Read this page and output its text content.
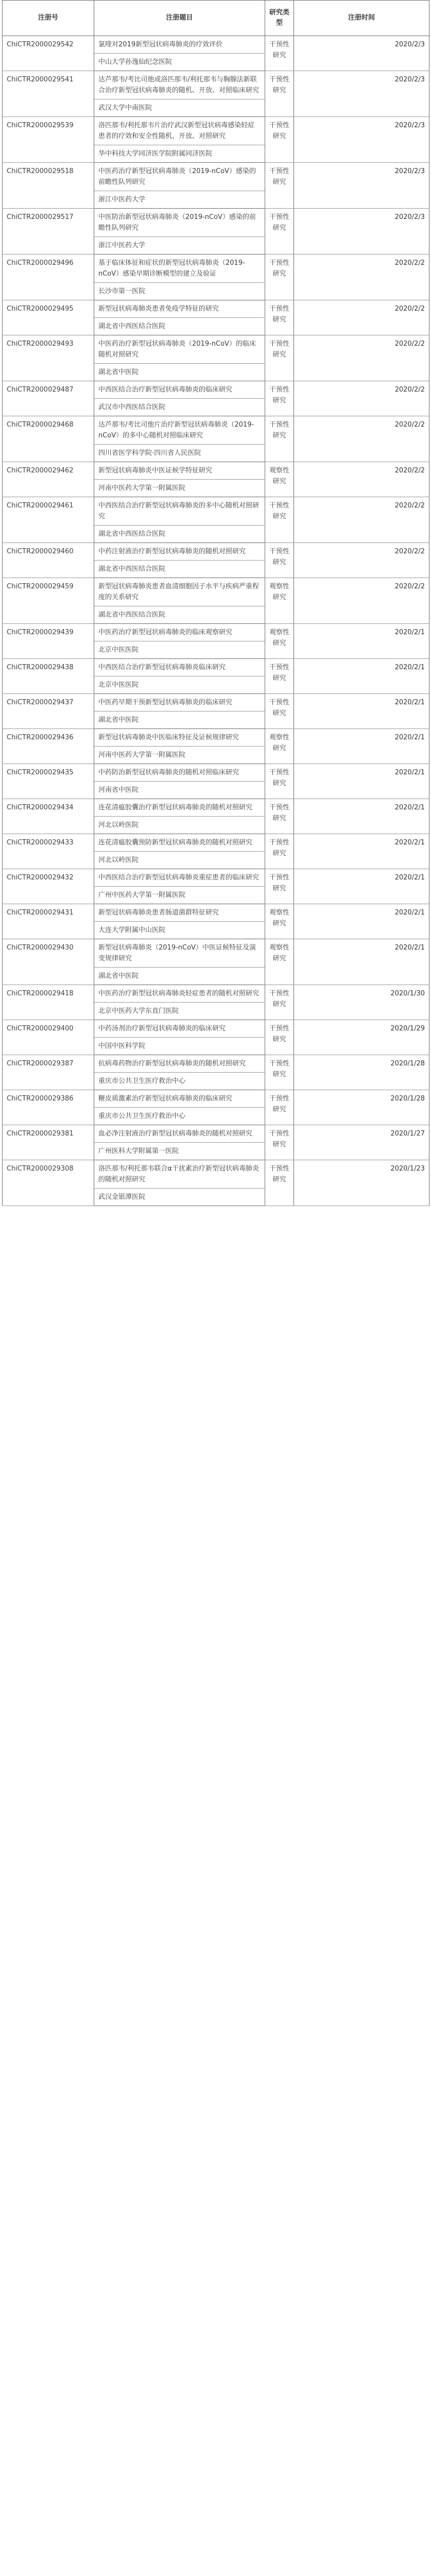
注册号	注册题目	研究类型	注册时间
ChiCTR2000029542	氯喹对2019新型冠状病毒肺炎的疗效评价	干预性研究	2020/2/3
	中山大学孙逸仙纪念医院		
ChiCTR2000029541	达芦那韦/考比司他或洛匹那韦/利托那韦与胸腺法新联合治疗新型冠状病毒肺炎的随机、开放、对照临床研究	干预性研究	2020/2/3
	武汉大学中南医院		
ChiCTR2000029539	洛匹那韦/利托那韦片治疗武汉新型冠状病毒感染轻症患者的疗效和安全性随机、开放、对照研究	干预性研究	2020/2/3
	华中科技大学同济医学院附属同济医院		
ChiCTR2000029518	中医药治疗新型冠状病毒肺炎（2019-nCoV）感染的前瞻性队列研究	干预性研究	2020/2/3
	浙江中医药大学		
ChiCTR2000029517	中医防治新型冠状病毒肺炎（2019-nCoV）感染的前瞻性队列研究	干预性研究	2020/2/3
	浙江中医药大学		
ChiCTR2000029496	基于临床体征和症状的新型冠状病毒肺炎（2019-nCoV）感染早期诊断模型的建立及验证	干预性研究	2020/2/2
	长沙市第一医院		
ChiCTR2000029495	新型冠状病毒肺炎患者免疫学特征的研究	干预性研究	2020/2/2
	湖北省中西医结合医院		
ChiCTR2000029493	中医药治疗新型冠状病毒肺炎（2019-nCoV）的临床随机对照研究	干预性研究	2020/2/2
	湖北省中医院		
ChiCTR2000029487	中西医结合治疗新型冠状病毒肺炎的临床研究	干预性研究	2020/2/2
	武汉市中西医结合医院		
ChiCTR2000029468	达芦那韦/考比司他片治疗新型冠状病毒肺炎（2019-nCoV）的多中心随机对照临床研究	干预性研究	2020/2/2
	四川省医学科学院·四川省人民医院		
ChiCTR2000029462	新型冠状病毒肺炎中医证候学特征研究	观察性研究	2020/2/2
	河南中医药大学第一附属医院		
ChiCTR2000029461	中西医结合治疗新型冠状病毒肺炎的多中心随机对照研究	干预性研究	2020/2/2
	湖北省中西医结合医院		
ChiCTR2000029460	中药注射液治疗新型冠状病毒肺炎的随机对照研究	干预性研究	2020/2/2
	湖北省中西医结合医院		
ChiCTR2000029459	新型冠状病毒肺炎患者血清细胞因子水平与疾病严重程度的关系研究	观察性研究	2020/2/2
	湖北省中西医结合医院		
ChiCTR2000029439	中医药治疗新型冠状病毒肺炎的临床观察研究	观察性研究	2020/2/1
	北京中医医院		
ChiCTR2000029438	中西医结合治疗新型冠状病毒肺炎临床研究	干预性研究	2020/2/1
	北京中医医院		
ChiCTR2000029437	中医药早期干预新型冠状病毒肺炎的临床研究	干预性研究	2020/2/1
	湖北省中医院		
ChiCTR2000029436	新型冠状病毒肺炎中医临床特征及证候规律研究	观察性研究	2020/2/1
	河南中医药大学第一附属医院		
ChiCTR2000029435	中药防治新型冠状病毒肺炎的随机对照临床研究	干预性研究	2020/2/1
	河南省中医院		
ChiCTR2000029434	连花清瘟胶囊治疗新型冠状病毒肺炎的随机对照研究	干预性研究	2020/2/1
	河北以岭医院		
ChiCTR2000029433	连花清瘟胶囊预防新型冠状病毒肺炎的随机对照研究	干预性研究	2020/2/1
	河北以岭医院		
ChiCTR2000029432	中西医结合治疗新型冠状病毒肺炎重症患者的临床研究	干预性研究	2020/2/1
	广州中医药大学第一附属医院		
ChiCTR2000029431	新型冠状病毒肺炎患者肠道菌群特征研究	观察性研究	2020/2/1
	大连大学附属中山医院		
ChiCTR2000029430	新型冠状病毒肺炎（2019-nCoV）中医证候特征及演变规律研究	观察性研究	2020/2/1
	湖北省中医院		
ChiCTR2000029418	中医药治疗新型冠状病毒肺炎轻症患者的随机对照研究	干预性研究	2020/1/30
	北京中医药大学东直门医院		
ChiCTR2000029400	中药汤剂治疗新型冠状病毒肺炎的临床研究	干预性研究	2020/1/29
	中国中医科学院		
ChiCTR2000029387	抗病毒药物治疗新型冠状病毒肺炎的随机对照研究	干预性研究	2020/1/28
	重庆市公共卫生医疗救治中心		
ChiCTR2000029386	糖皮质激素治疗新型冠状病毒肺炎的临床研究	干预性研究	2020/1/28
	重庆市公共卫生医疗救治中心		
ChiCTR2000029381	血必净注射液治疗新型冠状病毒肺炎的随机对照研究	干预性研究	2020/1/27
	广州医科大学附属第一医院		
ChiCTR2000029308	洛匹那韦/利托那韦联合α干扰素治疗新型冠状病毒肺炎的随机对照研究	干预性研究	2020/1/23
	武汉金银潭医院		
